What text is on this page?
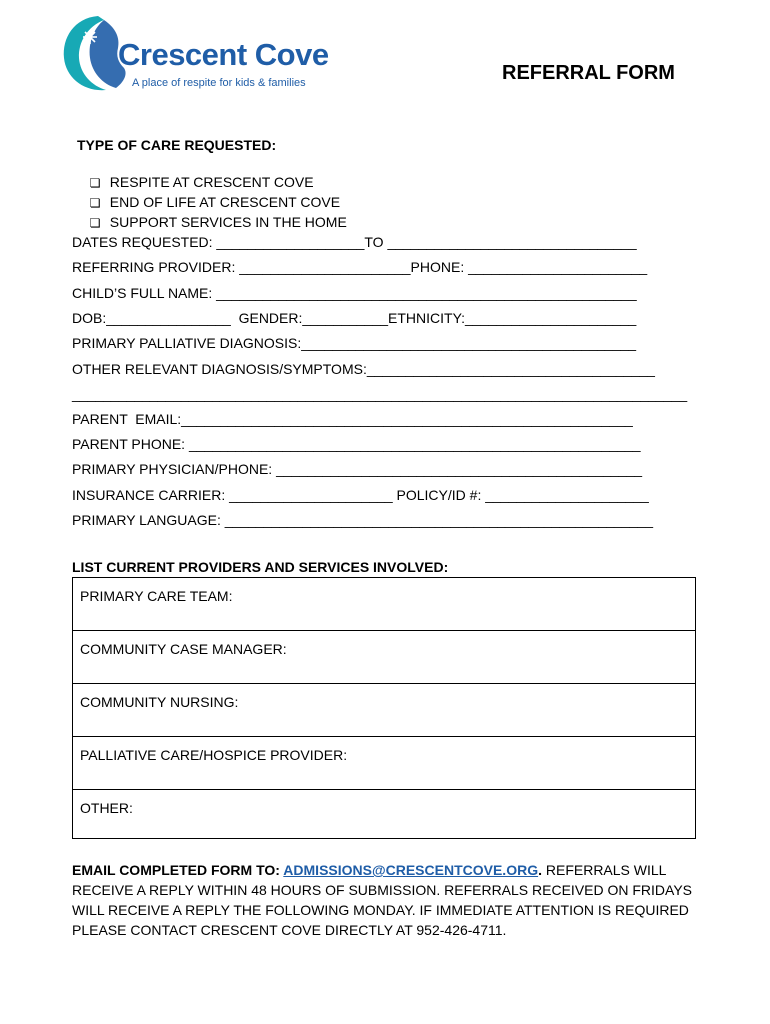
Crescent Cove
A place of respite for kids & families	REFERRAL FORM
TYPE OF CARE REQUESTED:

❏ RESPITE AT CRESCENT COVE

❏ END OF LIFE AT CRESCENT COVE

❏ SUPPORT SERVICES IN THE HOME

DATES REQUESTED: ___________________TO ________________________________
REFERRING PROVIDER: ______________________PHONE: _______________________
CHILD’S FULL NAME: ______________________________________________________
DOB:________________  GENDER:___________ETHNICITY:______________________
PRIMARY PALLIATIVE DIAGNOSIS:___________________________________________
OTHER RELEVANT DIAGNOSIS/SYMPTOMS:_____________________________________
_______________________________________________________________________________
PARENT  EMAIL:__________________________________________________________
PARENT PHONE: __________________________________________________________
PRIMARY PHYSICIAN/PHONE: _______________________________________________
INSURANCE CARRIER: _____________________ POLICY/ID #: _____________________
PRIMARY LANGUAGE: _______________________________________________________
LIST CURRENT PROVIDERS AND SERVICES INVOLVED:
PRIMARY CARE TEAM:
COMMUNITY CASE MANAGER:
COMMUNITY NURSING:
PALLIATIVE CARE/HOSPICE PROVIDER:
OTHER:
EMAIL COMPLETED FORM TO: ADMISSIONS@CRESCENTCOVE.ORG. REFERRALS WILL RECEIVE A REPLY WITHIN 48 HOURS OF SUBMISSION. REFERRALS RECEIVED ON FRIDAYS WILL RECEIVE A REPLY THE FOLLOWING MONDAY. IF IMMEDIATE ATTENTION IS REQUIRED PLEASE CONTACT CRESCENT COVE DIRECTLY AT 952-426-4711.
